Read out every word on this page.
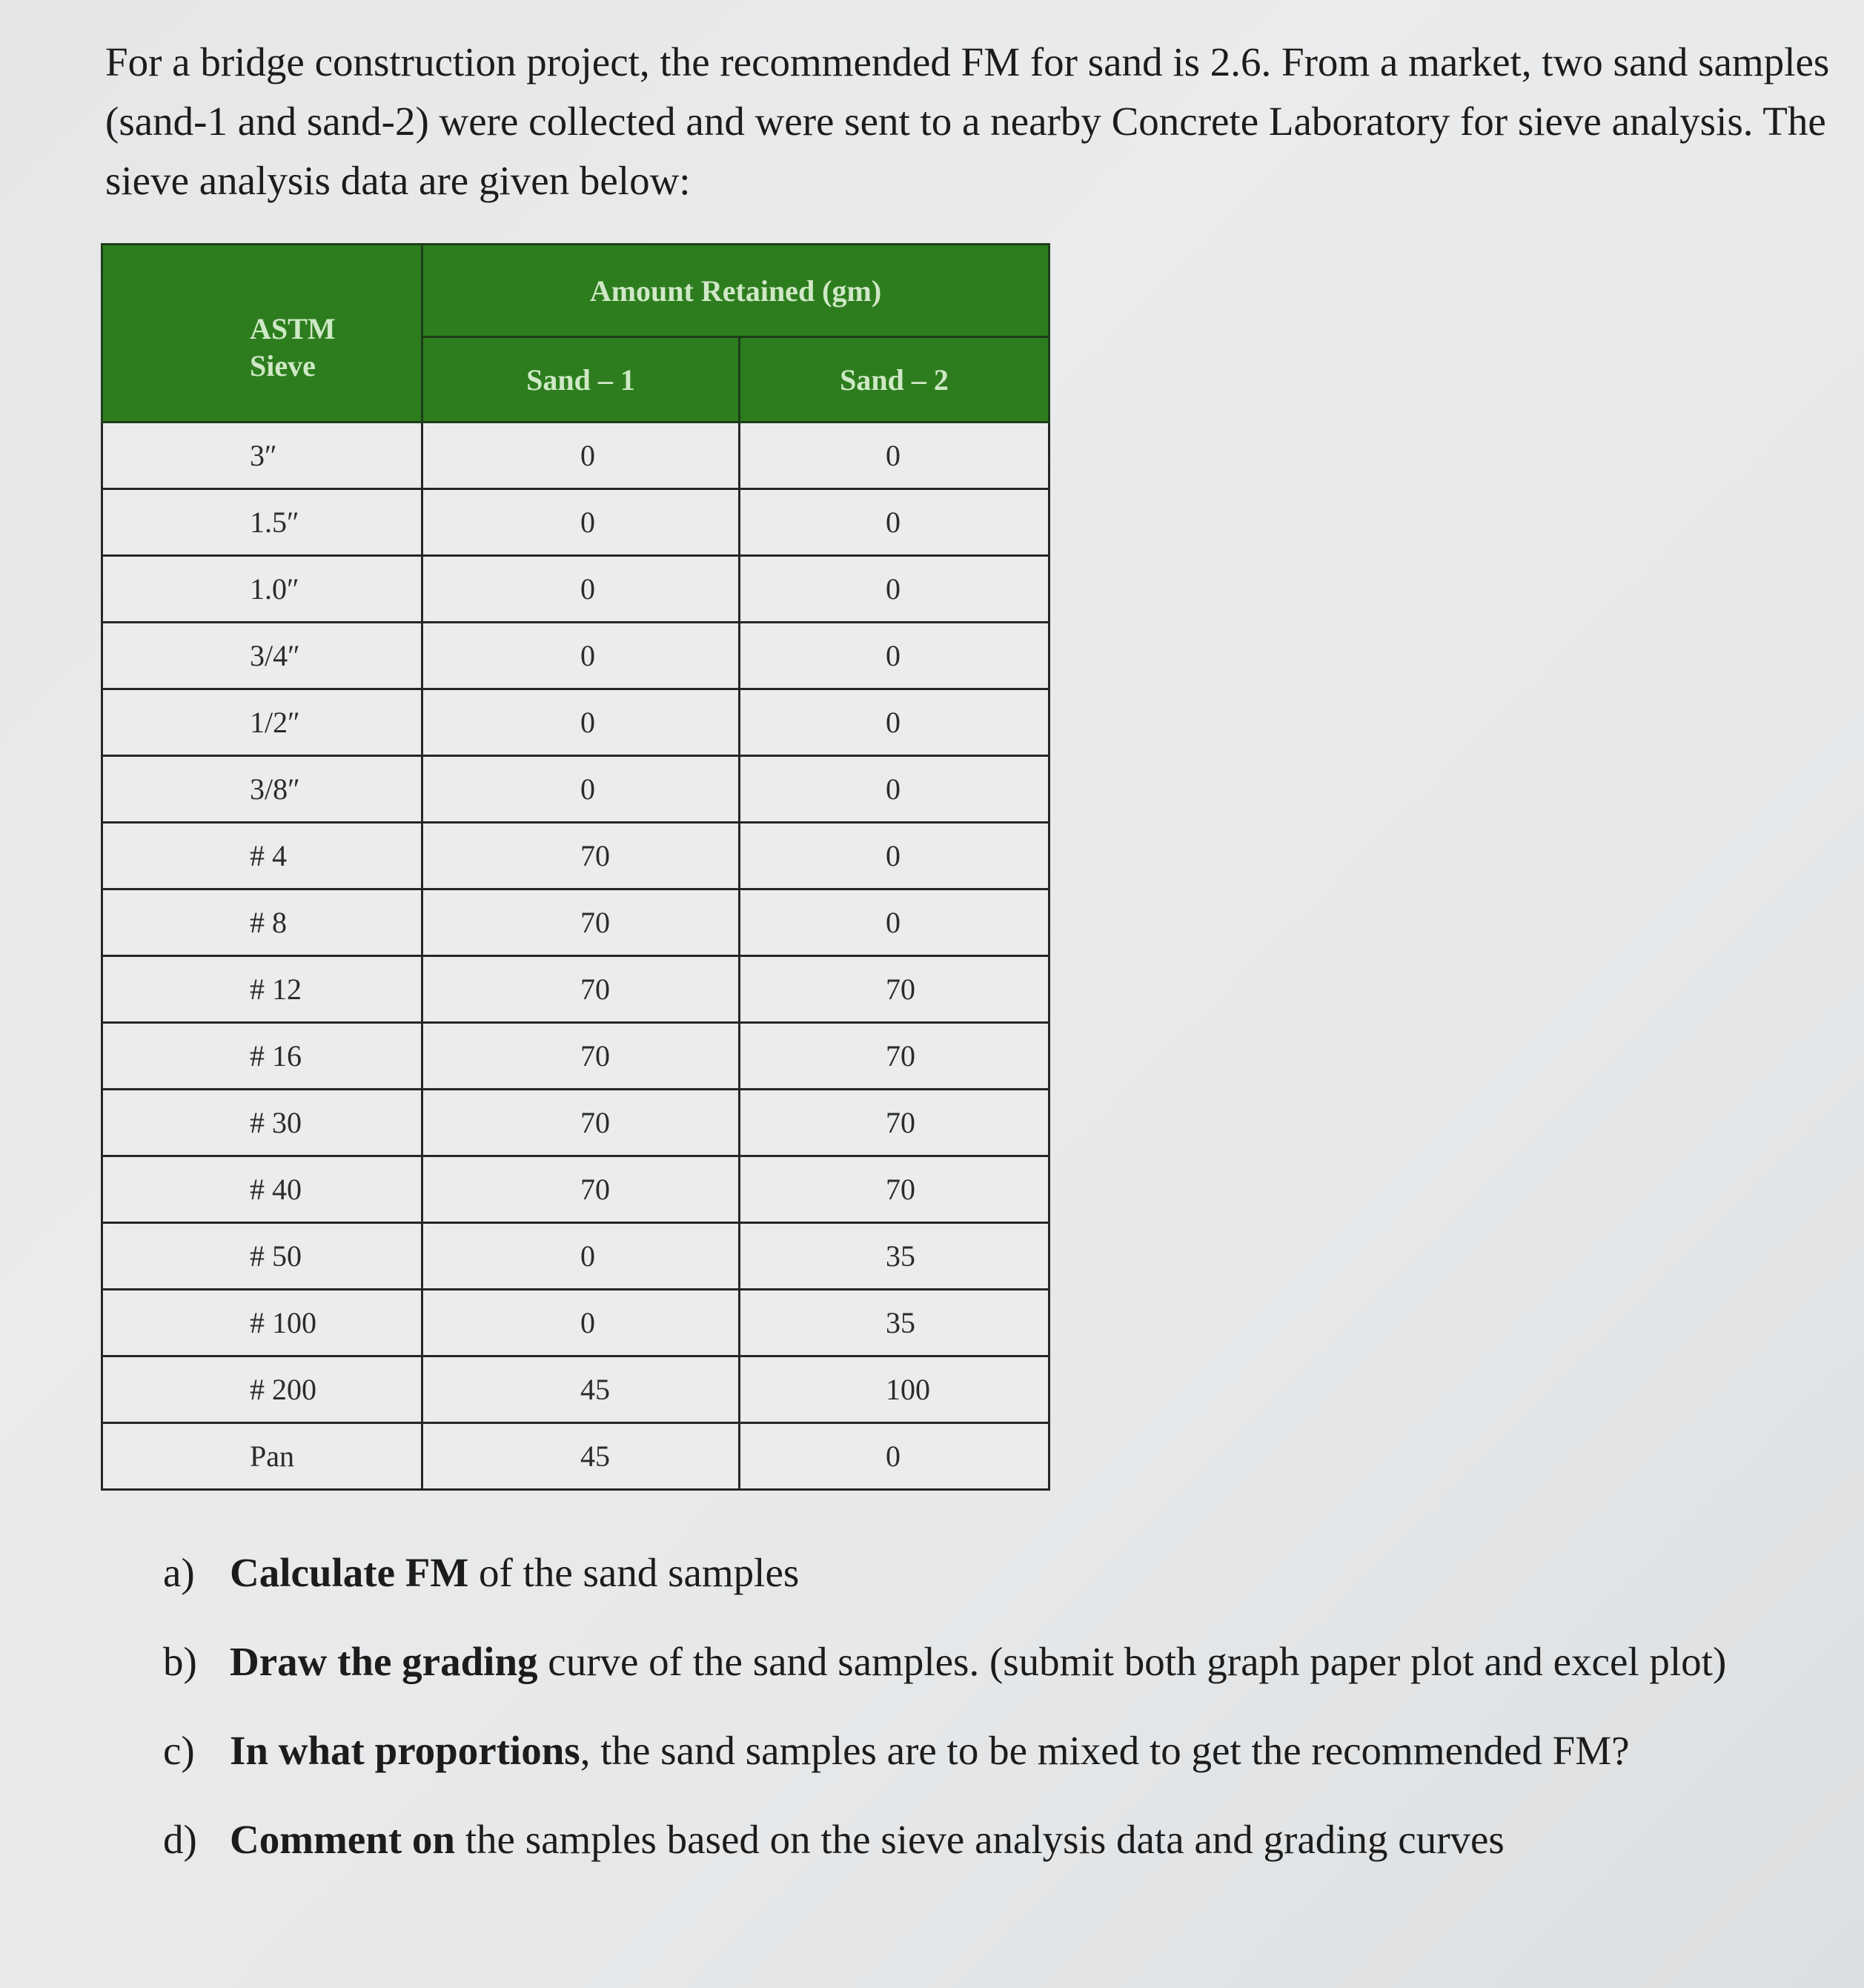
For a bridge construction project, the recommended FM for sand is 2.6. From a market, two sand samples (sand-1 and sand-2) were collected and were sent to a nearby Concrete Laboratory for sieve analysis. The sieve analysis data are given below:

ASTM
Sieve	Amount Retained (gm)	
	Sand – 1	Sand – 2
3″	0	0
1.5″	0	0
1.0″	0	0
3/4″	0	0
1/2″	0	0
3/8″	0	0
# 4	70	0
# 8	70	0
# 12	70	70
# 16	70	70
# 30	70	70
# 40	70	70
# 50	0	35
# 100	0	35
# 200	45	100
Pan	45	0
a) Calculate FM of the sand samples
b) Draw the grading curve of the sand samples. (submit both graph paper plot and excel plot)
c) In what proportions, the sand samples are to be mixed to get the recommended FM?
d) Comment on the samples based on the sieve analysis data and grading curves
